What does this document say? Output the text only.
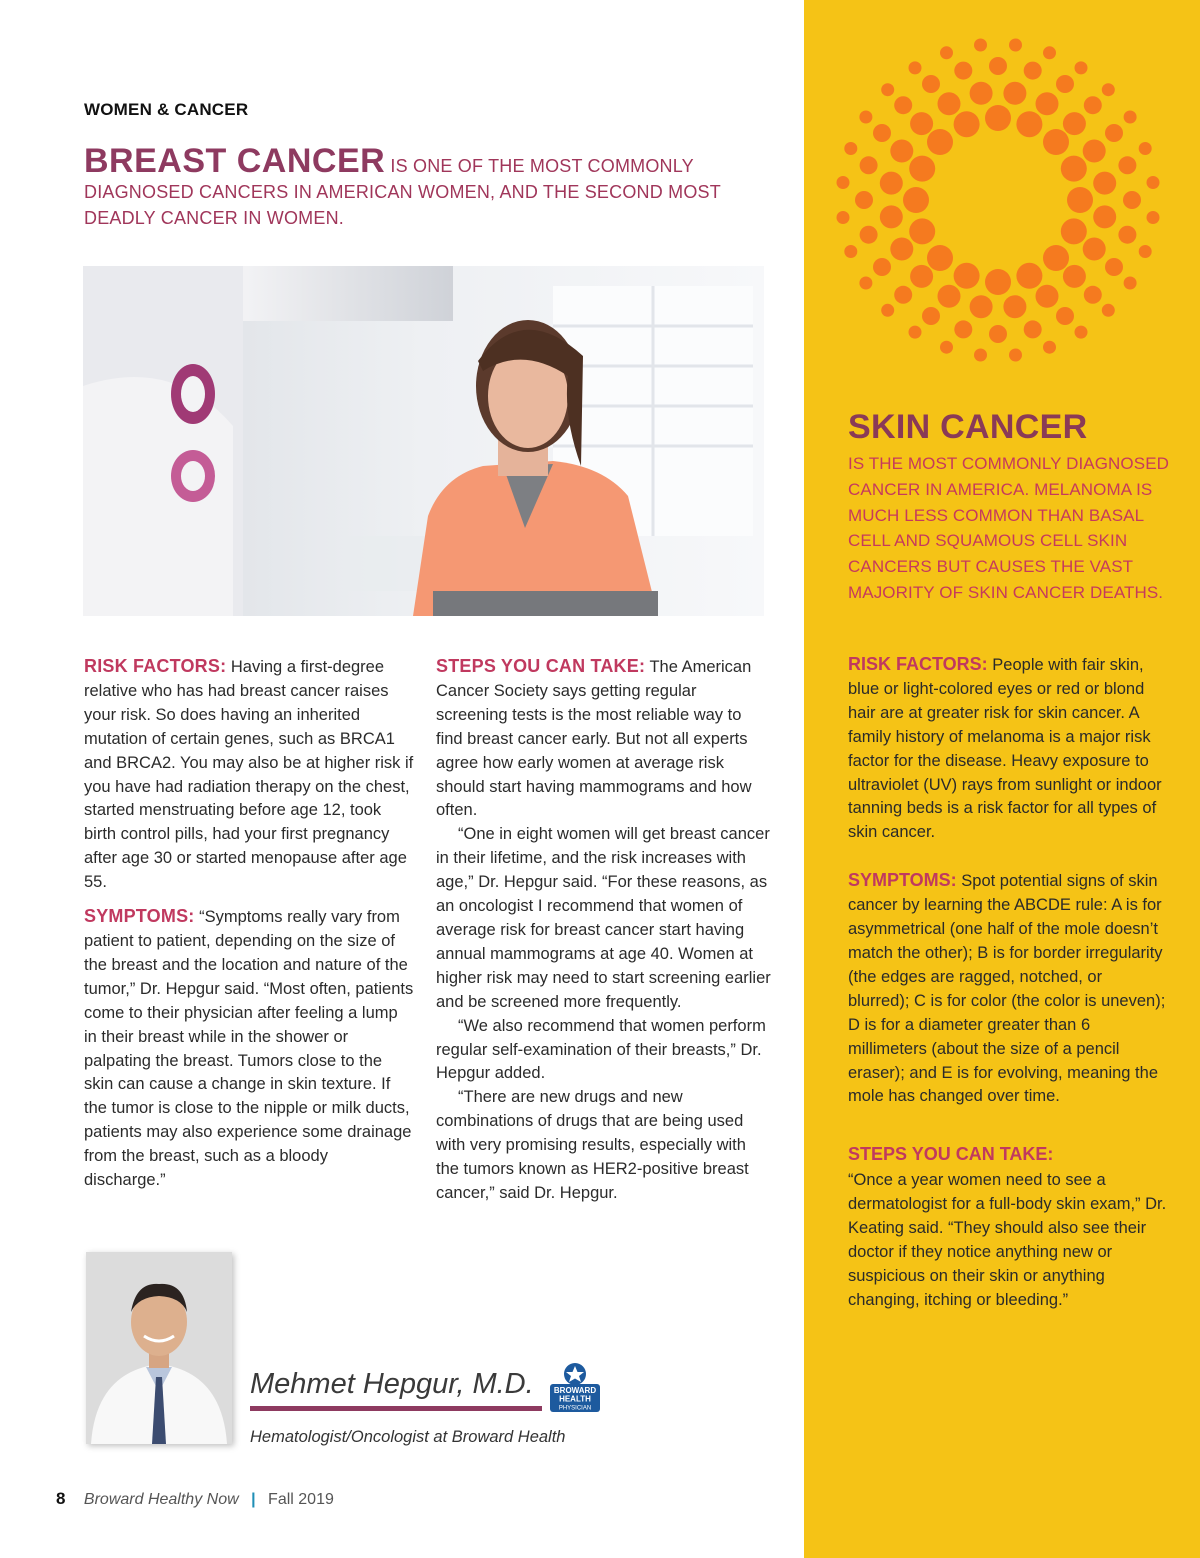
WOMEN & CANCER
BREAST CANCER IS ONE OF THE MOST COMMONLY DIAGNOSED CANCERS IN AMERICAN WOMEN, AND THE SECOND MOST DEADLY CANCER IN WOMEN.

RISK FACTORS: Having a first-degree relative who has had breast cancer raises your risk. So does having an inherited mutation of certain genes, such as BRCA1 and BRCA2. You may also be at higher risk if you have had radiation therapy on the chest, started menstruating before age 12, took birth control pills, had your first pregnancy after age 30 or started menopause after age 55.

SYMPTOMS: “Symptoms really vary from patient to patient, depending on the size of the breast and the location and nature of the tumor,” Dr. Hepgur said. “Most often, patients come to their physician after feeling a lump in their breast while in the shower or palpating the breast. Tumors close to the skin can cause a change in skin texture. If the tumor is close to the nipple or milk ducts, patients may also experience some drainage from the breast, such as a bloody discharge.”

STEPS YOU CAN TAKE: The American Cancer Society says getting regular screening tests is the most reliable way to find breast cancer early. But not all experts agree how early women at average risk should start having mammograms and how often.

“One in eight women will get breast cancer in their lifetime, and the risk increases with age,” Dr. Hepgur said. “For these reasons, as an oncologist I recommend that women of average risk for breast cancer start having annual mammograms at age 40. Women at higher risk may need to start screening earlier and be screened more frequently.

“We also recommend that women perform regular self-examination of their breasts,” Dr. Hepgur added.

“There are new drugs and new combinations of drugs that are being used with very promising results, especially with the tumors known as HER2-positive breast cancer,” said Dr. Hepgur.

Mehmet Hepgur, M.D.
Hematologist/Oncologist at Broward Health
BROWARD
HEALTH
PHYSICIAN
8 Broward Healthy Now | Fall 2019
SKIN CANCER
IS THE MOST COMMONLY DIAGNOSED CANCER IN AMERICA. MELANOMA IS MUCH LESS COMMON THAN BASAL CELL AND SQUAMOUS CELL SKIN CANCERS BUT CAUSES THE VAST MAJORITY OF SKIN CANCER DEATHS.

RISK FACTORS: People with fair skin, blue or light-colored eyes or red or blond hair are at greater risk for skin cancer. A family history of melanoma is a major risk factor for the disease. Heavy exposure to ultraviolet (UV) rays from sunlight or indoor tanning beds is a risk factor for all types of skin cancer.

SYMPTOMS: Spot potential signs of skin cancer by learning the ABCDE rule: A is for asymmetrical (one half of the mole doesn’t match the other); B is for border irregularity (the edges are ragged, notched, or blurred); C is for color (the color is uneven); D is for a diameter greater than 6 millimeters (about the size of a pencil eraser); and E is for evolving, meaning the mole has changed over time.

STEPS YOU CAN TAKE:
“Once a year women need to see a dermatologist for a full-body skin exam,” Dr. Keating said. “They should also see their doctor if they notice anything new or suspicious on their skin or anything changing, itching or bleeding.”
